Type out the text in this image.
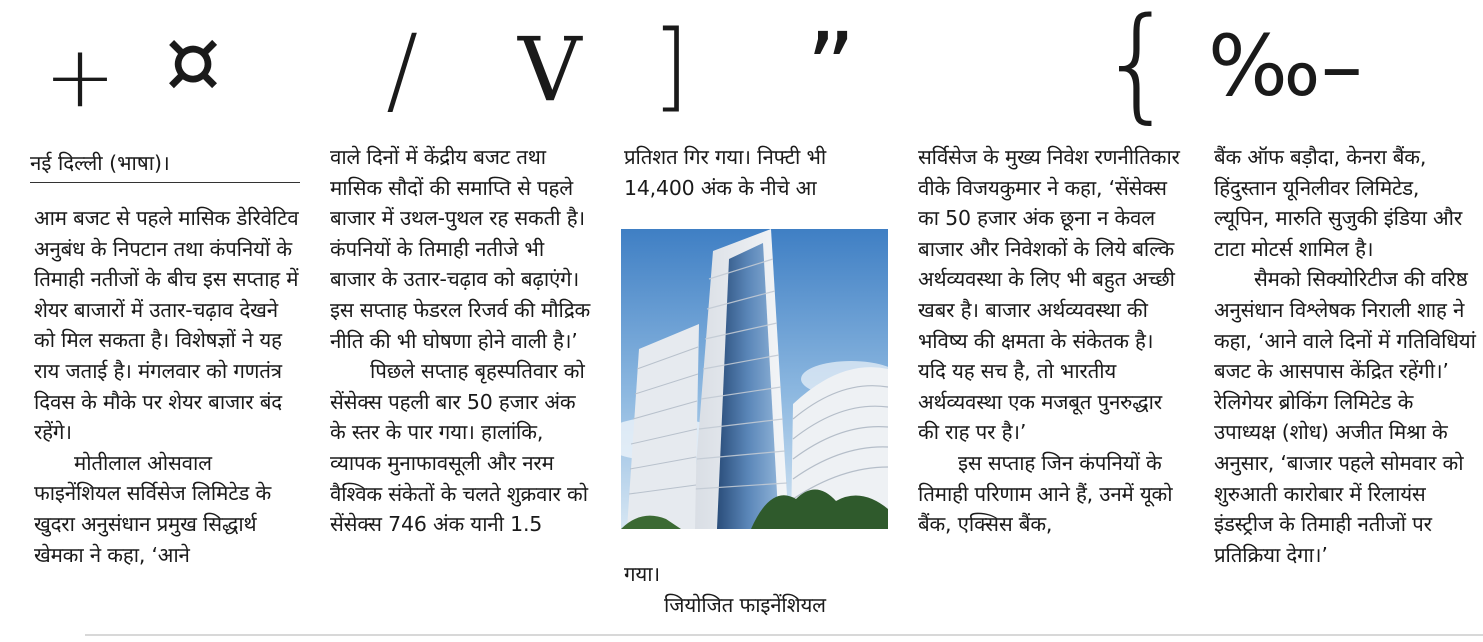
+ ¤ / V ] ” { ‰–
नई दिल्ली (भाषा)।

आम बजट से पहले मासिक डेरिवेटिव अनुबंध के निपटान तथा कंपनियों के तिमाही नतीजों के बीच इस सप्ताह में शेयर बाजारों में उतार-चढ़ाव देखने को मिल सकता है। विशेषज्ञों ने यह राय जताई है। मंगलवार को गणतंत्र दिवस के मौके पर शेयर बाजार बंद रहेंगे।

मोतीलाल ओसवाल फाइनेंशियल सर्विसेज लिमिटेड के खुदरा अनुसंधान प्रमुख सिद्धार्थ खेमका ने कहा, ‘आने

वाले दिनों में केंद्रीय बजट तथा मासिक सौदों की समाप्ति से पहले बाजार में उथल-पुथल रह सकती है। कंपनियों के तिमाही नतीजे भी बाजार के उतार-चढ़ाव को बढ़ाएंगे। इस सप्ताह फेडरल रिजर्व की मौद्रिक नीति की भी घोषणा होने वाली है।’

पिछले सप्ताह बृहस्पतिवार को सेंसेक्स पहली बार 50 हजार अंक के स्तर के पार गया। हालांकि, व्यापक मुनाफावसूली और नरम वैश्विक संकेतों के चलते शुक्रवार को सेंसेक्स 746 अंक यानी 1.5

प्रतिशत गिर गया। निफ्टी भी 14,400 अंक के नीचे आ

गया।

जियोजित फाइनेंशियल

सर्विसेज के मुख्य निवेश रणनीतिकार वीके विजयकुमार ने कहा, ‘सेंसेक्स का 50 हजार अंक छूना न केवल बाजार और निवेशकों के लिये बल्कि अर्थव्यवस्था के लिए भी बहुत अच्छी खबर है। बाजार अर्थव्यवस्था की भविष्य की क्षमता के संकेतक है। यदि यह सच है, तो भारतीय अर्थव्यवस्था एक मजबूत पुनरुद्धार की राह पर है।’

इस सप्ताह जिन कंपनियों के तिमाही परिणाम आने हैं, उनमें यूको बैंक, एक्सिस बैंक,

बैंक ऑफ बड़ौदा, केनरा बैंक, हिंदुस्तान यूनिलीवर लिमिटेड, ल्यूपिन, मारुति सुजुकी इंडिया और टाटा मोटर्स शामिल है।

सैमको सिक्योरिटीज की वरिष्ठ अनुसंधान विश्लेषक निराली शाह ने कहा, ‘आने वाले दिनों में गतिविधियां बजट के आसपास केंद्रित रहेंगी।’

रेलिगेयर ब्रोकिंग लिमिटेड के उपाध्यक्ष (शोध) अजीत मिश्रा के अनुसार, ‘बाजार पहले सोमवार को शुरुआती कारोबार में रिलायंस इंडस्ट्रीज के तिमाही नतीजों पर प्रतिक्रिया देगा।’
